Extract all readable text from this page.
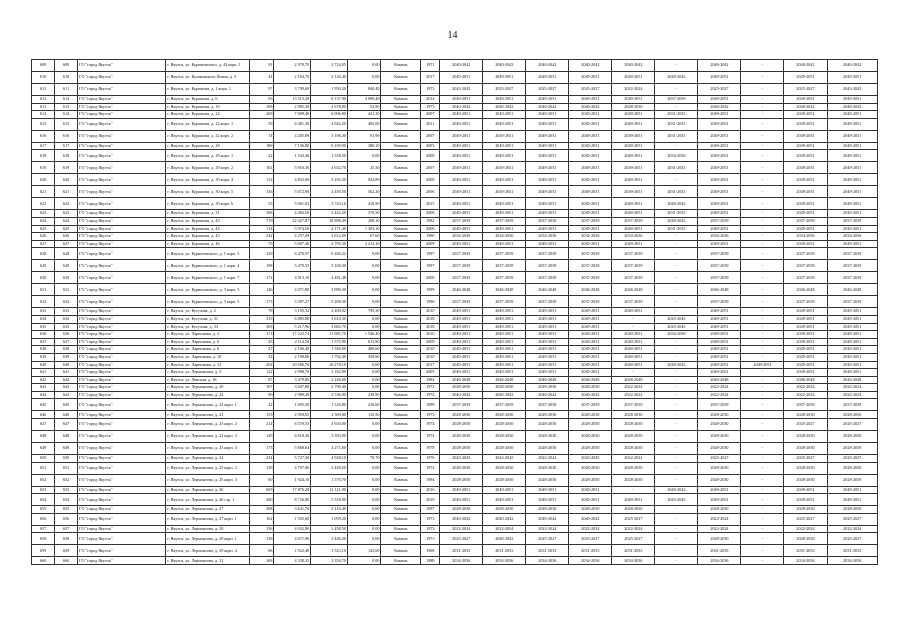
14
609	609	ГО "город Якутск"	г. Якутск, ул. Курашовского, д. 44 корп. 1	91	2 978,70	2 724,05	0,00	Камень	1971	2040-2042	2040-2042	2040-2042	2040-2042	2040-2042	-	2040-2042	-	2040-2042	2040-2042
610	610	ГО "город Якутск"	г. Якутск, ул. Кулаковского-Лизин, д. 5	44	2 164,70	2 120,40	0,00	Камень	2017	2049-2051	2049-2051	2049-2051	2049-2051	2049-2051	2040-2042	2049-2051	-	2049-2051	2049-2051
611	611	ГО "город Якутск"	г. Якутск, ул. Курашова, д. 1 корп. 1	97	3 799,60	1 950,20	840,40	Камень	1973	2043-2045	2025-2027	2025-2027	2025-2027	2022-2024	-	2025-2027	-	2025-2027	2043-2045
612	612	ГО "город Якутск"	г. Якутск, ул. Курашова, д. 6	93	13 515,28	8 137,90	4 089,40	Камень	2014	2049-2051	2049-2051	2049-2051	2049-2051	2049-2051	2037-2039	2049-2051	-	2049-2051	2049-2051
613	613	ГО "город Якутск"	г. Якутск, ул. Курашова, д. 19	109	2 985,30	2 678,80	52,90	Камень	1973	2040-2042	2040-2042	2040-2042	2040-2042	2028-2030	-	2040-2042	-	2040-2042	2040-2042
614	614	ГО "город Якутск"	г. Якутск, ул. Курашова, д. 22	269	7 009,40	6 006,80	441,20	Камень	2007	2049-2051	2049-2051	2049-2051	2049-2051	2049-2051	2031-2033	2049-2051	-	2049-2051	2049-2051
615	615	ГО "город Якутск"	г. Якутск, ул. Курашова, д. 22 корп. 1	59	6 481,30	4 942,20	405,00	Камень	2011	2049-2051	2049-2051	2049-2051	2049-2051	2049-2051	2031-2033	2049-2051	-	2049-2051	2049-2051
616	616	ГО "город Якутск"	г. Якутск, ул. Курашова, д. 22 корп. 2	74	4 205,89	3 106,30	81,90	Камень	2007	2049-2051	2049-2051	2049-2051	2049-2051	2049-2051	2031-2033	2049-2051	-	2049-2051	2049-2051
617	617	ГО "город Якутск"	г. Якутск, ул. Курашова, д. 28	186	7 136,80	6 239,90	280,10	Камень	2003	2049-2051	2049-2051	2049-2051	2049-2051	2049-2051	-	2049-2051	-	2049-2051	2049-2051
618	618	ГО "город Якутск"	г. Якутск, ул. Курашова, д. 29 корп. 1	22	1 543,40	1 358,50	0,00	Камень	2008	2049-2051	2049-2051	2049-2051	2049-2051	2049-2051	2034-2036	2049-2051	-	2049-2051	2049-2051
619	619	ГО "город Якутск"	г. Якутск, ул. Курашова, д. 29 корп. 2	161	5 916,30	4 632,70	25,50	Камень	2007	2049-2051	2049-2051	2049-2051	2049-2051	2049-2051	2031-2033	2049-2051	-	2049-2051	2049-2051
620	620	ГО "город Якутск"	г. Якутск, ул. Курашова, д. 30 корп. 4	112	4 832,69	3 292,20	924,89	Камень	2008	2049-2051	2049-2051	2049-2051	2049-2051	2049-2051	-	2049-2051	-	2049-2051	2049-2051
621	621	ГО "город Якутск"	г. Якутск, ул. Курашова, д. 30 корп. 5	136	5 072,90	4 450,50	562,20	Камень	2006	2049-2051	2049-2051	2049-2051	2049-2051	2049-2051	2031-2033	2049-2051	-	2049-2051	2049-2051
622	622	ГО "город Якутск"	г. Якутск, ул. Курашова, д. 30 корп. 6	55	5 061,02	3 743,16	410,90	Камень	2015	2049-2051	2049-2051	2049-2051	2049-2051	2049-2051	2040-2042	2049-2051	-	2049-2051	2049-2051
623	623	ГО "город Якутск"	г. Якутск, ул. Курашова, д. 31	106	4 492,50	3 422,20	370,50	Камень	2008	2049-2051	2049-2051	2049-2051	2049-2051	2049-2051	2031-2033	2049-2051	-	2049-2051	2049-2051
624	624	ГО "город Якутск"	г. Якутск, ул. Курашова, д. 43	719	22 427,87	18 896,49	208,10	Камень	1982	2037-2039	2037-2039	2037-2039	2037-2039	2037-2039	2040-2042	2037-2039	-	2037-2039	2037-2039
625	625	ГО "город Якутск"	г. Якутск, ул. Курашова, д. 44	114	5 974,50	4 171,40	1 303,10	Камень	2006	2049-2051	2049-2051	2049-2051	2049-2051	2049-2051	2031-2033	2049-2051	-	2049-2051	2049-2051
626	626	ГО "город Якутск"	г. Якутск, ул. Курашова, д. 45	342	4 257,49	3 612,00	67,60	Камень	1980	2034-2036	2034-2036	2034-2036	2034-2036	2034-2036	-	2034-2036	-	2034-2036	2034-2036
627	627	ГО "город Якутск"	г. Якутск, ул. Курашова, д. 46	79	5 007,40	2 795,30	2 212,10	Камень	2009	2049-2051	2049-2051	2049-2051	2049-2051	2049-2051	-	2049-2051	-	2049-2051	2049-2051
628	628	ГО "город Якутск"	г. Якутск, ул. Курнатовского, д. 1 корп. 3	229	6 476,97	6 266,22	0,00	Камень	1997	2037-2039	2037-2039	2037-2039	2037-2039	2037-2039	-	2037-2039	-	2037-2039	2037-2039
629	629	ГО "город Якутск"	г. Якутск, ул. Курнатовского, д. 1 корп. 4	198	5 479,55	5 160,30	0,00	Камень	1997	2037-2039	2037-2039	2037-2039	2037-2039	2037-2039	-	2037-2039	-	2037-2039	2037-2039
630	630	ГО "город Якутск"	г. Якутск, ул. Курнатовского, д. 1 корп. 7	172	4 913,10	4 481,48	0,00	Камень	2000	2037-2039	2037-2039	2037-2039	2037-2039	2037-2039	-	2037-2039	-	2037-2039	2037-2039
631	631	ГО "город Якутск"	г. Якутск, ул. Курнатовского, д. 3 корп. 3	146	4 071,80	3 989,30	0,00	Камень	1999	2046-2048	2046-2048	2046-2048	2046-2048	2046-2048	-	2046-2048	-	2046-2048	2046-2048
632	632	ГО "город Якутск"	г. Якутск, ул. Курнатовского, д. 3 корп. 5	173	5 397,27	5 269,30	0,00	Камень	1996	2037-2039	2037-2039	2037-2039	2037-2039	2037-2039	-	2037-2039	-	2037-2039	2037-2039
633	633	ГО "город Якутск"	г. Якутск, ул. Кутузова, д. 2	78	3 195,32	2 400,02	795,30	Камень	2010	2049-2051	2049-2051	2049-2051	2049-2051	2049-2051	-	2049-2051	-	2049-2051	2049-2051
634	634	ГО "город Якутск"	г. Якутск, ул. Кутузова, д. 31	335	6 885,80	3 610,30	0,00	Камень	2018	2049-2051	2049-2051	2049-2051	2049-2051	-	2043-2045	2049-2051	-	2049-2051	2049-2051
635	635	ГО "город Якутск"	г. Якутск, ул. Кутузова, д. 33	365	5 217,96	3 665,70	0,00	Камень	2018	2049-2051	2049-2051	2049-2051	2049-2051	-	2043-2045	2049-2051	-	2049-2051	2049-2051
636	636	ГО "город Якутск"	г. Якутск, ул. Ларионова, д. 2	171	17 222,73	11 905,70	1 546,40	Камень	2010	2049-2051	2049-2051	2049-2051	2049-2051	2049-2051	2034-2036	2049-2051	-	2049-2051	2049-2051
637	637	ГО "город Якутск"	г. Якутск, ул. Ларионова, д. 6	45	2 114,50	1 575,90	615,80	Камень	2009	2049-2051	2049-2051	2049-2051	2049-2051	2049-2051	-	2049-2051	-	2049-2051	2049-2051
638	638	ГО "город Якутск"	г. Якутск, ул. Ларионова, д. 8	27	2 106,40	1 540,00	486,60	Камень	2010	2049-2051	2049-2051	2049-2051	2049-2051	2049-2051	-	2049-2051	-	2049-2051	2049-2051
639	639	ГО "город Якутск"	г. Якутск, ул. Ларионова, д. 10	32	2 190,80	1 792,40	358,80	Камень	2010	2049-2051	2049-2051	2049-2051	2049-2051	2049-2051	-	2049-2051	-	2049-2051	2049-2051
640	640	ГО "город Якутск"	г. Якутск, ул. Ларионова, д. 12	202	20 586,70	16 278,10	0,00	Камень	2017	2049-2051	2049-2051	2049-2051	2049-2051	2049-2051	2040-2042	2049-2051	2049-2051	2049-2051	2049-2051
641	641	ГО "город Якутск"	г. Якутск, ул. Лермонтова, д. 5	122	2 998,70	2 162,90	0,00	Камень	2005	2049-2051	2049-2051	2049-2051	2049-2051	-	-	2049-2051	-	2049-2051	2049-2051
642	642	ГО "город Якутск"	г. Якутск, ул. Ленская, д. 18	87	3 479,80	2 240,60	0,00	Камень	1984	2046-2048	2046-2048	2046-2048	2046-2048	2046-2048	-	2046-2048	-	2046-2048	2046-2048
643	643	ГО "город Якутск"	г. Якутск, ул. Лермонтова, д. 20	107	3 047,80	2 790,40	0,00	Камень	1972	2028-2030	2028-2030	2028-2030	2028-2030	2022-2024	-	2022-2024	-	2022-2024	2022-2024
644	644	ГО "город Якутск"	г. Якутск, ул. Лермонтова, д. 22	90	2 989,20	2 536,90	230,90	Камень	1974	2040-2042	2040-2042	2040-2042	2040-2042	2022-2024	-	2022-2024	-	2022-2024	2022-2024
645	645	ГО "город Якутск"	г. Якутск, ул. Лермонтова, д. 22 корп. 1	42	1 695,50	1 316,80	216,60	Камень	1999	2037-2039	2037-2039	2037-2039	2037-2039	2037-2039	-	2037-2039	-	2037-2039	2037-2039
646	646	ГО "город Якутск"	г. Якутск, ул. Лермонтова, д. 23	153	2 959,65	2 569,80	110,50	Камень	1973	2028-2030	2028-2030	2028-2030	2028-2030	2028-2030	-	2028-2030	-	2028-2030	2028-2030
647	647	ГО "город Якутск"	г. Якутск, ул. Лермонтова, д. 23 корп. 2	214	6 570,55	4 920,00	0,00	Камень	1974	2028-2030	2028-2030	2028-2030	2028-2030	2028-2030	-	2028-2030	-	2025-2027	2025-2027
648	648	ГО "город Якутск"	г. Якутск, ул. Лермонтова, д. 23 корп. 3	149	6 618,36	3 393,00	0,00	Камень	1974	2028-2030	2028-2030	2028-2030	2028-2030	2028-2030	-	2028-2030	-	2028-2030	2028-2030
649	649	ГО "город Якутск"	г. Якутск, ул. Лермонтова, д. 23 корп. 4	173	5 668,64	4 271,60	0,00	Камень	1978	2028-2030	2028-2030	2028-2030	2028-2030	2028-2030	-	2028-2030	-	2028-2030	2028-2030
650	650	ГО "город Якутск"	г. Якутск, ул. Лермонтова, д. 24	234	5 727,30	4 928,10	70,70	Камень	1976	2043-2045	2043-2045	2022-2024	2043-2045	2022-2024	-	2025-2027	-	2025-2027	2025-2027
651	651	ГО "город Якутск"	г. Якутск, ул. Лермонтова, д. 25 корп. 2	139	4 707,06	3 449,50	0,00	Камень	1972	2028-2030	2028-2030	2028-2030	2028-2030	2028-2030	-	2028-2030	-	2028-2030	2028-2030
652	652	ГО "город Якутск"	г. Якутск, ул. Лермонтова, д. 25 корп. 3	60	1 924,10	1 570,70	0,00	Камень	1994	2028-2030	2028-2030	2028-2030	2028-2030	2028-2030	-	2028-2030	-	2028-2030	2028-2030
653	653	ГО "город Якутск"	г. Якутск, ул. Лермонтова, д. 26	605	17 876,20	12 121,90	0,00	Камень	2016	2049-2051	2049-2051	2049-2051	2049-2051	-	2040-2042	2049-2051	-	2049-2051	2049-2051
654	654	ГО "город Якутск"	г. Якутск, ул. Лермонтова, д. 26 стр. 1	260	8 726,80	5 518,90	0,00	Камень	2019	2049-2051	2049-2051	2049-2051	2049-2051	2049-2051	2043-2045	2049-2051	-	2049-2051	2049-2051
655	655	ГО "город Якутск"	г. Якутск, ул. Лермонтова, д. 27	308	3 641,70	3 216,40	0,00	Камень	1997	2028-2030	2028-2030	2028-2030	2028-2030	2028-2030	-	2028-2030	-	2028-2030	2028-2030
656	656	ГО "город Якутск"	г. Якутск, ул. Лермонтова, д. 27 корп. 1	162	1 935,60	1 059,20	0,00	Камень	1973	2040-2042	2040-2042	2040-2042	2040-2042	2025-2027	-	2022-2024	-	2025-2027	2025-2027
657	657	ГО "город Якутск"	г. Якутск, ул. Лермонтова, д. 29	156	4 032,80	3 458,50	0,00	Камень	1973	2022-2024	2022-2024	2022-2024	2022-2024	2022-2024	-	2022-2024	-	2022-2024	2022-2024
658	658	ГО "город Якутск"	г. Якутск, ул. Лермонтова, д. 29 корп. 1	128	4 671,96	3 446,20	0,00	Камень	1973	2025-2027	2040-2042	2025-2027	2025-2027	2025-2027	-	2028-2030	-	2028-2030	2025-2027
659	659	ГО "город Якутск"	г. Якутск, ул. Лермонтова, д. 29 корп. 4	68	1 922,40	1 523,10	143,60	Камень	1968	2031-2033	2031-2033	2031-2033	2031-2033	2031-2033	-	2031-2033	-	2031-2033	2031-2033
660	660	ГО "город Якутск"	г. Якутск, ул. Лермонтова, д. 31	168	4 338,33	3 354,70	0,00	Камень	1988	2034-2036	2034-2036	2034-2036	2034-2036	2034-2036	-	2034-2036	-	2034-2036	2034-2036
